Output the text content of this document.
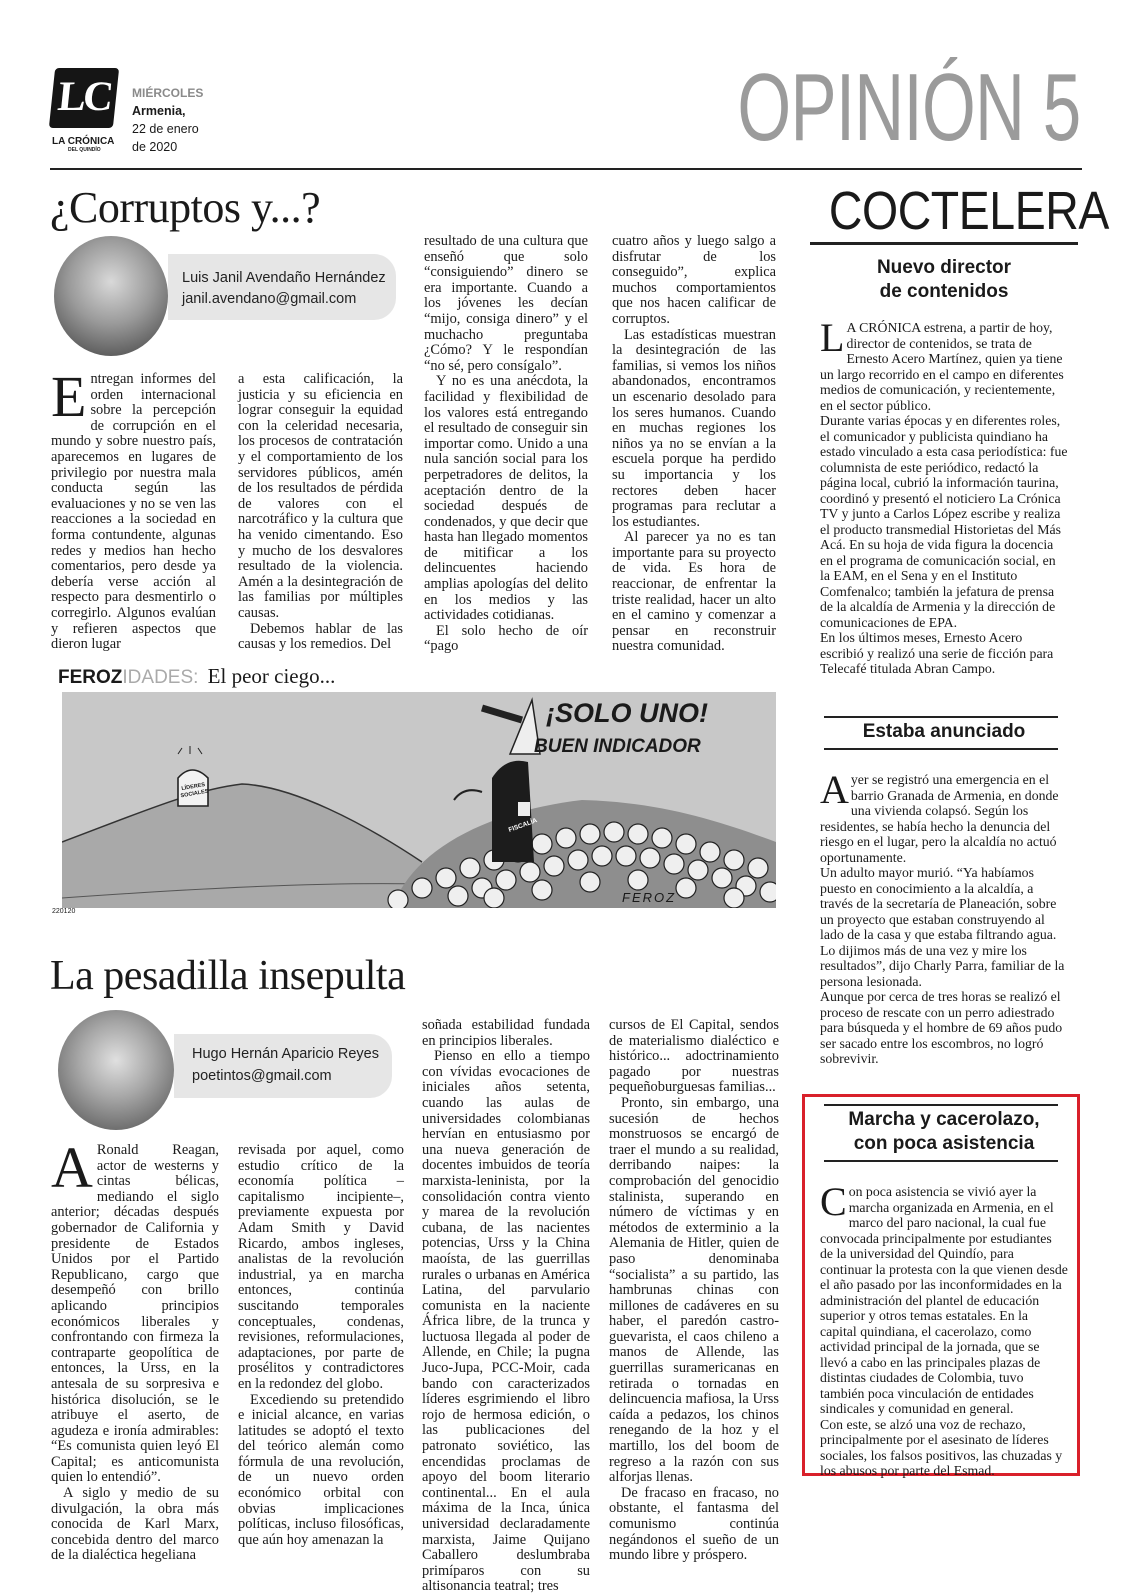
LC
LA CRÓNICA
DEL QUINDÍO
MIÉRCOLES
Armenia,
22 de enero
de 2020	OPINIÓN 5
¿Corruptos y...?
Luis Janil Avendaño Hernández
janil.avendano@gmail.com

Entregan informes del orden internacional sobre la percepción de corrupción en el mundo y sobre nuestro país, aparecemos en lugares de privilegio por nuestra mala conducta según las evaluaciones y no se ven las reacciones a la sociedad en forma contundente, algunas redes y medios han hecho comentarios, pero desde ya debería verse acción al respecto para desmentirlo o corregirlo. Algunos evalúan y refieren aspectos que dieron lugar

a esta calificación, la justicia y su eficiencia en lograr conseguir la equidad con la celeridad necesaria, los procesos de contratación y el comportamiento de los servidores públicos, amén de los resultados de pérdida de valores con el narcotráfico y la cultura que ha venido cimentando. Eso y mucho de los desvalores resultado de la violencia. Amén a la desintegración de las familias por múltiples causas.

Debemos hablar de las causas y los remedios. Del

resultado de una cultura que enseñó que solo “consiguiendo” dinero se era importante. Cuando a los jóvenes les decían “mijo, consiga dinero” y el muchacho preguntaba ¿Cómo? Y le respondían “no sé, pero consígalo”.

Y no es una anécdota, la facilidad y flexibilidad de los valores está entregando el resultado de conseguir sin importar como. Unido a una nula sanción social para los perpetradores de delitos, la aceptación dentro de la sociedad después de condenados, y que decir que hasta han llegado momentos de mitificar a los delincuentes haciendo amplias apologías del delito en los medios y las actividades cotidianas.

El solo hecho de oír “pago

cuatro años y luego salgo a disfrutar de los conseguido”, explica muchos comportamientos que nos hacen calificar de corruptos.

Las estadísticas muestran la desintegración de las familias, si vemos los niños abandonados, encontramos un escenario desolado para los seres humanos. Cuando en muchas regiones los niños ya no se envían a la escuela porque ha perdido su importancia y los rectores deben hacer programas para reclutar a los estudiantes.

Al parecer ya no es tan importante para su proyecto de vida. Es hora de reaccionar, de enfrentar la triste realidad, hacer un alto en el camino y comenzar a pensar en reconstruir nuestra comunidad.

FEROZIDADES: El peor ciego...
LÍDERES SOCIALES
FISCALÍA
¡SOLO UNO!
BUEN INDICADOR
FEROZ
220120
La pesadilla insepulta
Hugo Hernán Aparicio Reyes
poetintos@gmail.com

A Ronald Reagan, actor de westerns y cintas bélicas, mediando el siglo anterior; décadas después gobernador de California y presidente de Estados Unidos por el Partido Republicano, cargo que desempeñó con brillo aplicando principios económicos liberales y confrontando con firmeza la contraparte geopolítica de entonces, la Urss, en la antesala de su sorpresiva e histórica disolución, se le atribuye el aserto, de agudeza e ironía admirables: “Es comunista quien leyó El Capital; es anticomunista quien lo entendió”.

A siglo y medio de su divulgación, la obra más conocida de Karl Marx, concebida dentro del marco de la dialéctica hegeliana

revisada por aquel, como estudio crítico de la economía política –capitalismo incipiente–, previamente expuesta por Adam Smith y David Ricardo, ambos ingleses, analistas de la revolución industrial, ya en marcha entonces, continúa suscitando temporales conceptuales, condenas, revisiones, reformulaciones, adaptaciones, por parte de prosélitos y contradictores en la redondez del globo.

Excediendo su pretendido e inicial alcance, en varias latitudes se adoptó el texto del teórico alemán como fórmula de una revolución, de un nuevo orden económico orbital con obvias implicaciones políticas, incluso filosóficas, que aún hoy amenazan la

soñada estabilidad fundada en principios liberales.

Pienso en ello a tiempo con vívidas evocaciones de iniciales años setenta, cuando las aulas de universidades colombianas hervían en entusiasmo por una nueva generación de docentes imbuidos de teoría marxista-leninista, por la consolidación contra viento y marea de la revolución cubana, de las nacientes potencias, Urss y la China maoísta, de las guerrillas rurales o urbanas en América Latina, del parvulario comunista en la naciente África libre, de la trunca y luctuosa llegada al poder de Allende, en Chile; la pugna Juco-Jupa, PCC-Moir, cada bando con caracterizados líderes esgrimiendo el libro rojo de hermosa edición, o las publicaciones del patronato soviético, las encendidas proclamas de apoyo del boom literario continental... En el aula máxima de la Inca, única universidad declaradamente marxista, Jaime Quijano Caballero deslumbraba primíparos con su altisonancia teatral; tres

cursos de El Capital, sendos de materialismo dialéctico e histórico... adoctrinamiento pagado por nuestras pequeñoburguesas familias...

Pronto, sin embargo, una sucesión de hechos monstruosos se encargó de traer el mundo a su realidad, derribando naipes: la comprobación del genocidio stalinista, superando en número de víctimas y en métodos de exterminio a la Alemania de Hitler, quien de paso denominaba “socialista” a su partido, las hambrunas chinas con millones de cadáveres en su haber, el paredón castro-guevarista, el caos chileno a manos de Allende, las guerrillas suramericanas en retirada o tornadas en delincuencia mafiosa, la Urss caída a pedazos, los chinos renegando de la hoz y el martillo, los del boom de regreso a la razón con sus alforjas llenas.

De fracaso en fracaso, no obstante, el fantasma del comunismo continúa negándonos el sueño de un mundo libre y próspero.

COCTELERA
Nuevo director
de contenidos

L A CRÓNICA estrena, a partir de hoy, director de contenidos, se trata de Ernesto Acero Martínez, quien ya tiene un largo recorrido en el campo en diferentes medios de comunicación, y recientemente, en el sector público.

Durante varias épocas y en diferentes roles, el comunicador y publicista quindiano ha estado vinculado a esta casa periodística: fue columnista de este periódico, redactó la página local, cubrió la información taurina, coordinó y presentó el noticiero La Crónica TV y junto a Carlos López escribe y realiza el producto transmedial Historietas del Más Acá. En su hoja de vida figura la docencia en el programa de comunicación social, en la EAM, en el Sena y en el Instituto Comfenalco; también la jefatura de prensa de la alcaldía de Armenia y la dirección de comunicaciones de EPA.

En los últimos meses, Ernesto Acero escribió y realizó una serie de ficción para Telecafé titulada Abran Campo.

Estaba anunciado

Ayer se registró una emergencia en el barrio Granada de Armenia, en donde una vivienda colapsó. Según los residentes, se había hecho la denuncia del riesgo en el lugar, pero la alcaldía no actuó oportunamente.

Un adulto mayor murió. “Ya habíamos puesto en conocimiento a la alcaldía, a través de la secretaría de Planeación, sobre un proyecto que estaban construyendo al lado de la casa y que estaba filtrando agua. Lo dijimos más de una vez y mire los resultados”, dijo Charly Parra, familiar de la persona lesionada.

Aunque por cerca de tres horas se realizó el proceso de rescate con un perro adiestrado para búsqueda y el hombre de 69 años pudo ser sacado entre los escombros, no logró sobrevivir.

Marcha y cacerolazo,
con poca asistencia

Con poca asistencia se vivió ayer la marcha organizada en Armenia, en el marco del paro nacional, la cual fue convocada principalmente por estudiantes de la universidad del Quindío, para continuar la protesta con la que vienen desde el año pasado por las inconformidades en la administración del plantel de educación superior y otros temas estatales. En la capital quindiana, el cacerolazo, como actividad principal de la jornada, que se llevó a cabo en las principales plazas de distintas ciudades de Colombia, tuvo también poca vinculación de entidades sindicales y comunidad en general.

Con este, se alzó una voz de rechazo, principalmente por el asesinato de líderes sociales, los falsos positivos, las chuzadas y los abusos por parte del Esmad.
